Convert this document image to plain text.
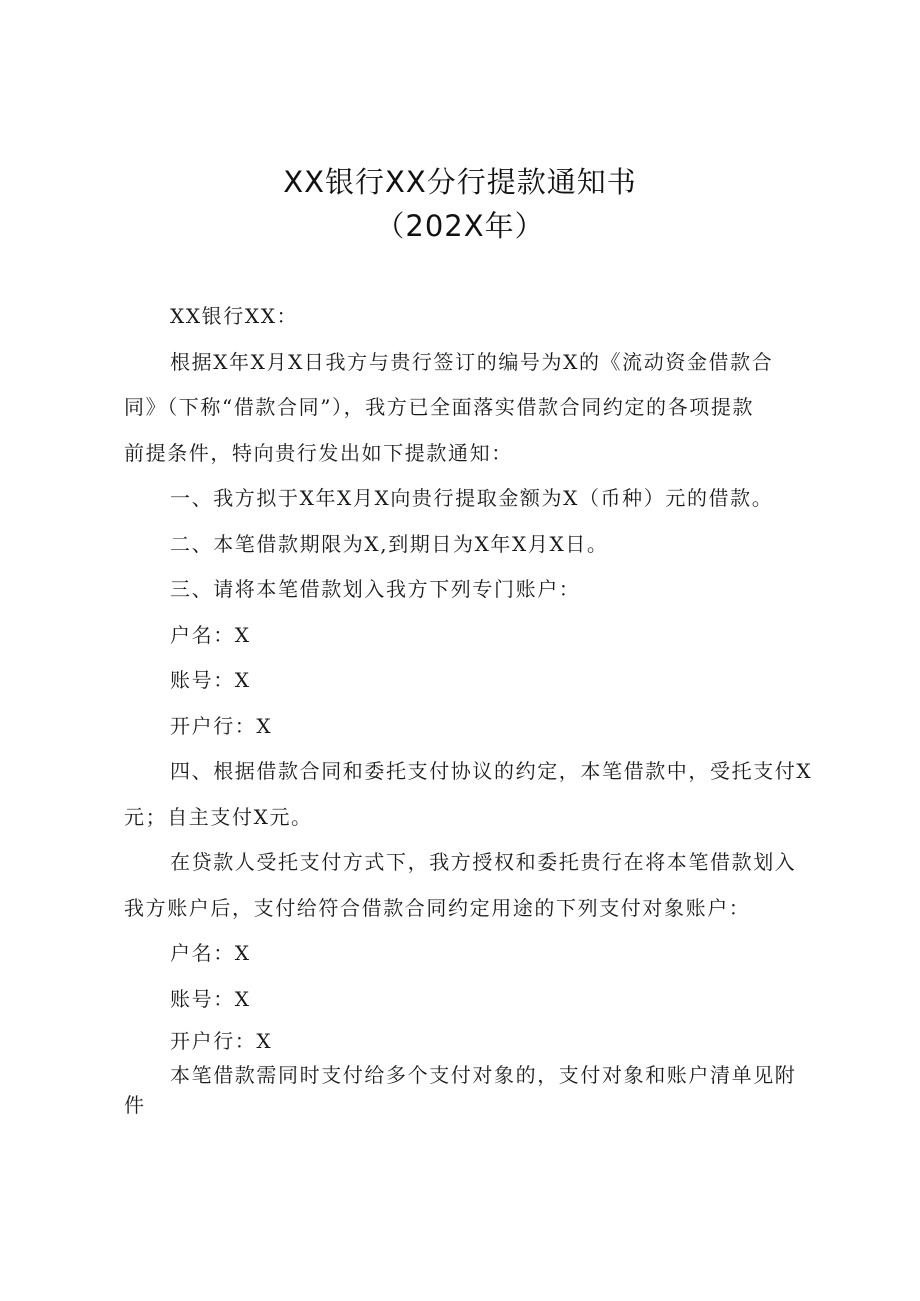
XX银行XX分行提款通知书
（202X年）
XX银行XX：
根据X年X月X日我方与贵行签订的编号为X的《流动资金借款合
同》（下称“借款合同”），我方已全面落实借款合同约定的各项提款
前提条件，特向贵行发出如下提款通知：
一、我方拟于X年X月X向贵行提取金额为X（币种）元的借款。
二、本笔借款期限为X,到期日为X年X月X日。
三、请将本笔借款划入我方下列专门账户：
户名：X
账号：X
开户行：X
四、根据借款合同和委托支付协议的约定，本笔借款中，受托支付X
元；自主支付X元。
在贷款人受托支付方式下，我方授权和委托贵行在将本笔借款划入
我方账户后，支付给符合借款合同约定用途的下列支付对象账户：
户名：X
账号：X
开户行：X
本笔借款需同时支付给多个支付对象的，支付对象和账户清单见附
件
